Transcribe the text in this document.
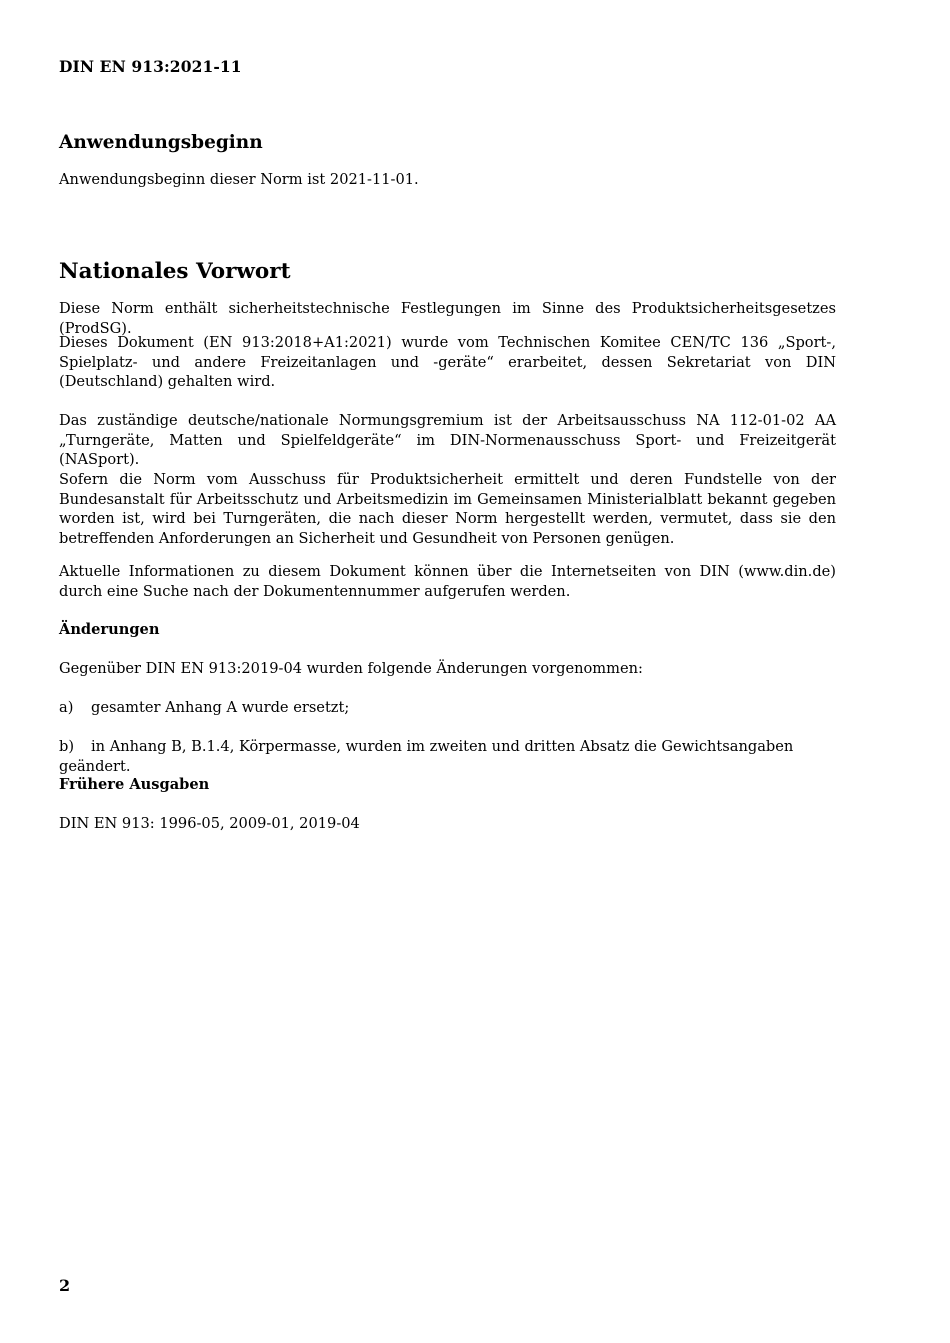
DIN EN 913:2021-11
Anwendungsbeginn

Anwendungsbeginn dieser Norm ist 2021-11-01.

Nationales Vorwort

Diese Norm enthält sicherheitstechnische Festlegungen im Sinne des Produktsicherheitsgesetzes (ProdSG).

Dieses Dokument (EN 913:2018+A1:2021) wurde vom Technischen Komitee CEN/TC 136 „Sport-, Spielplatz- und andere Freizeitanlagen und -geräte“ erarbeitet, dessen Sekretariat von DIN (Deutschland) gehalten wird.

Das zuständige deutsche/nationale Normungsgremium ist der Arbeitsausschuss NA 112-01-02 AA „Turngeräte, Matten und Spielfeldgeräte“ im DIN-Normenausschuss Sport- und Freizeitgerät (NASport).

Sofern die Norm vom Ausschuss für Produktsicherheit ermittelt und deren Fundstelle von der Bundesanstalt für Arbeitsschutz und Arbeitsmedizin im Gemeinsamen Ministerialblatt bekannt gegeben worden ist, wird bei Turngeräten, die nach dieser Norm hergestellt werden, vermutet, dass sie den betreffenden Anforderungen an Sicherheit und Gesundheit von Personen genügen.

Aktuelle Informationen zu diesem Dokument können über die Internetseiten von DIN (www.din.de) durch eine Suche nach der Dokumentennummer aufgerufen werden.

Änderungen

Gegenüber DIN EN 913:2019-04 wurden folgende Änderungen vorgenommen:

a) gesamter Anhang A wurde ersetzt;
b) in Anhang B, B.1.4, Körpermasse, wurden im zweiten und dritten Absatz die Gewichtsangaben geändert.
Frühere Ausgaben

DIN EN 913: 1996-05, 2009-01, 2019-04

2
